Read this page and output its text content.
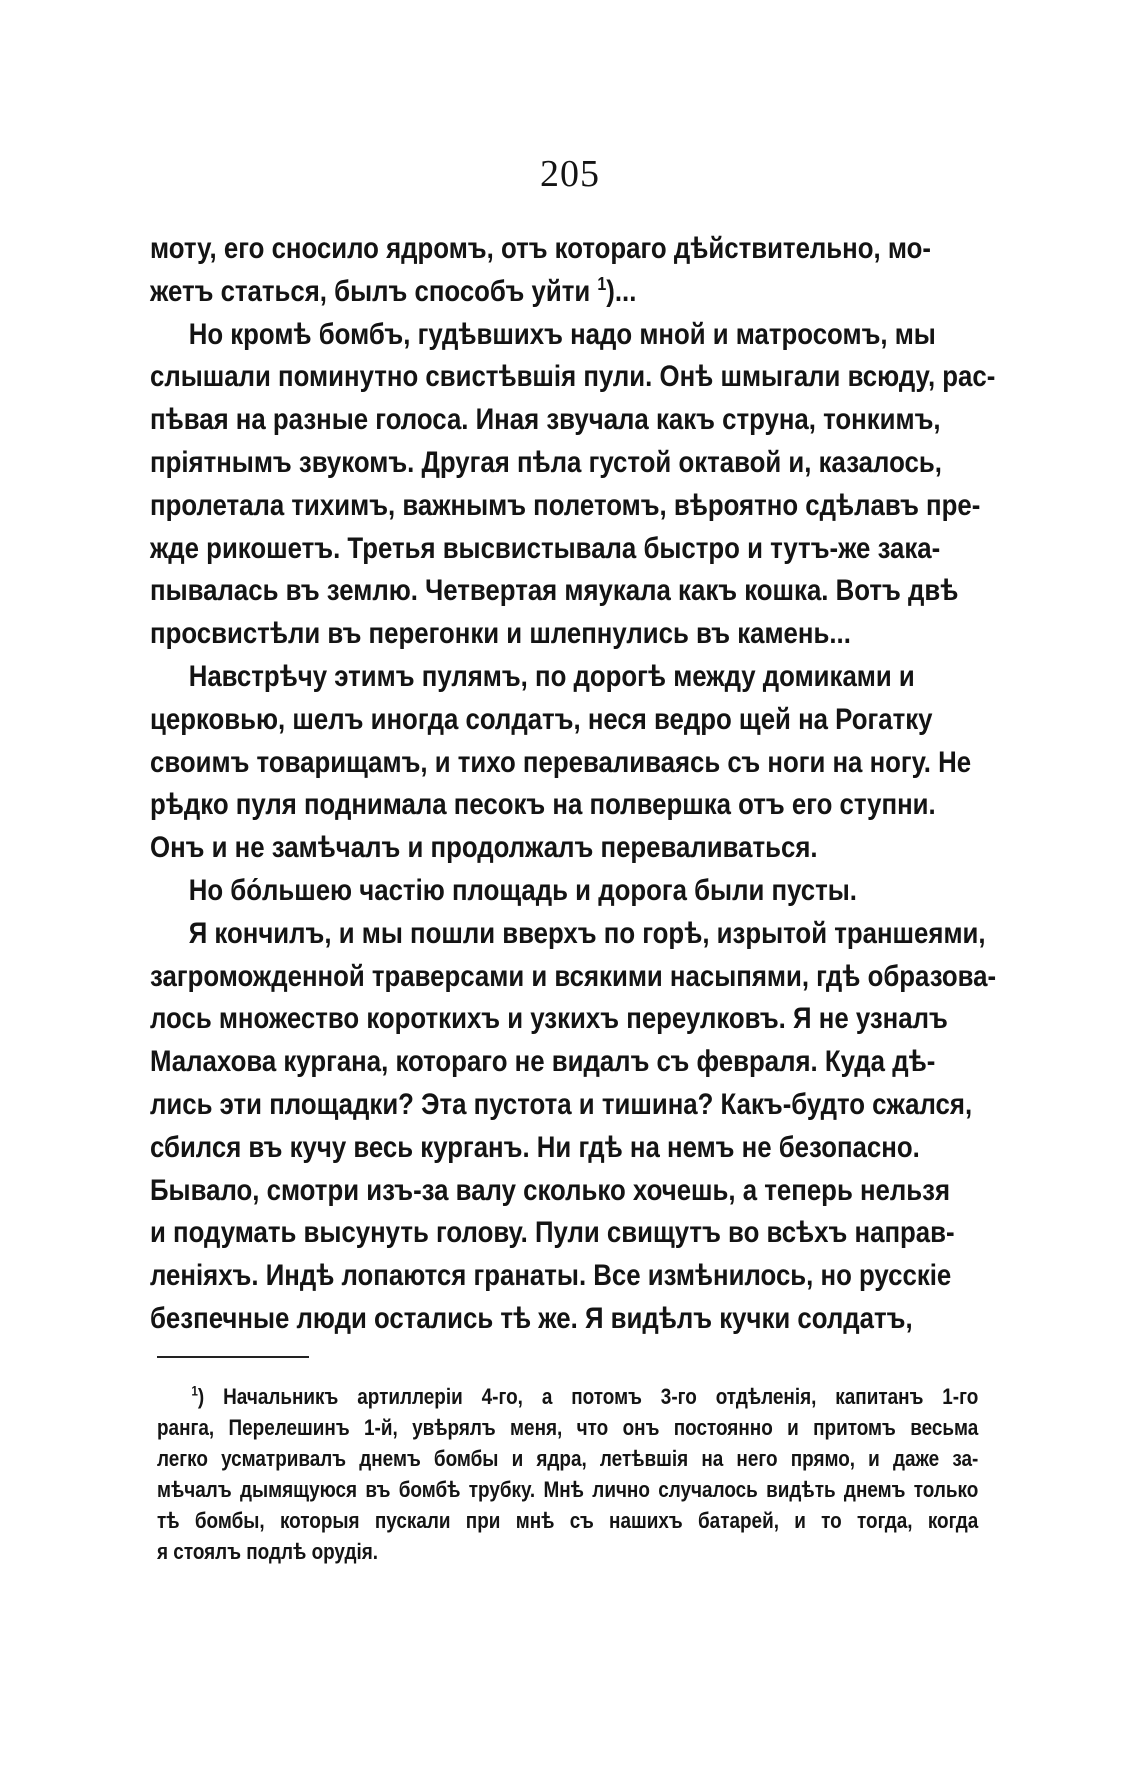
205
моту, его сносило ядромъ, отъ котораго дѣйствительно, мо-
жетъ статься, былъ способъ уйти $^1$)...
Но кромѣ бомбъ, гудѣвшихъ надо мной и матросомъ, мы
слышали поминутно свистѣвшія пули. Онѣ шмыгали всюду, рас-
пѣвая на разные голоса. Иная звучала какъ струна, тонкимъ,
пріятнымъ звукомъ. Другая пѣла густой октавой и, казалось,
пролетала тихимъ, важнымъ полетомъ, вѣроятно сдѣлавъ пре-
жде рикошетъ. Третья высвистывала быстро и тутъ-же зака-
пывалась въ землю. Четвертая мяукала какъ кошка. Вотъ двѣ
просвистѣли въ перегонки и шлепнулись въ камень...
Навстрѣчу этимъ пулямъ, по дорогѣ между домиками и
церковью, шелъ иногда солдатъ, неся ведро щей на Рогатку
своимъ товарищамъ, и тихо переваливаясь съ ноги на ногу. Не
рѣдко пуля поднимала песокъ на полвершка отъ его ступни.
Онъ и не замѣчалъ и продолжалъ переваливаться.
Но бо́льшею частію площадь и дорога были пусты.
Я кончилъ, и мы пошли вверхъ по горѣ, изрытой траншеями,
загроможденной траверсами и всякими насыпями, гдѣ образова-
лось множество короткихъ и узкихъ переулковъ. Я не узналъ
Малахова кургана, котораго не видалъ съ февраля. Куда дѣ-
лись эти площадки? Эта пустота и тишина? Какъ-будто сжался,
сбился въ кучу весь курганъ. Ни гдѣ на немъ не безопасно.
Бывало, смотри изъ-за валу сколько хочешь, а теперь нельзя
и подумать высунуть голову. Пули свищутъ во всѣхъ направ-
леніяхъ. Индѣ лопаются гранаты. Все измѣнилось, но русскіе
безпечные люди остались тѣ же. Я видѣлъ кучки солдатъ,
$^1$) Начальникъ артиллеріи 4-го, а потомъ 3-го отдѣленія, капитанъ 1-го
ранга, Перелешинъ 1-й, увѣрялъ меня, что онъ постоянно и притомъ весьма
легко усматривалъ днемъ бомбы и ядра, летѣвшія на него прямо, и даже за-
мѣчалъ дымящуюся въ бомбѣ трубку. Мнѣ лично случалось видѣть днемъ только
тѣ бомбы, которыя пускали при мнѣ съ нашихъ батарей, и то тогда, когда
я стоялъ подлѣ орудія.
